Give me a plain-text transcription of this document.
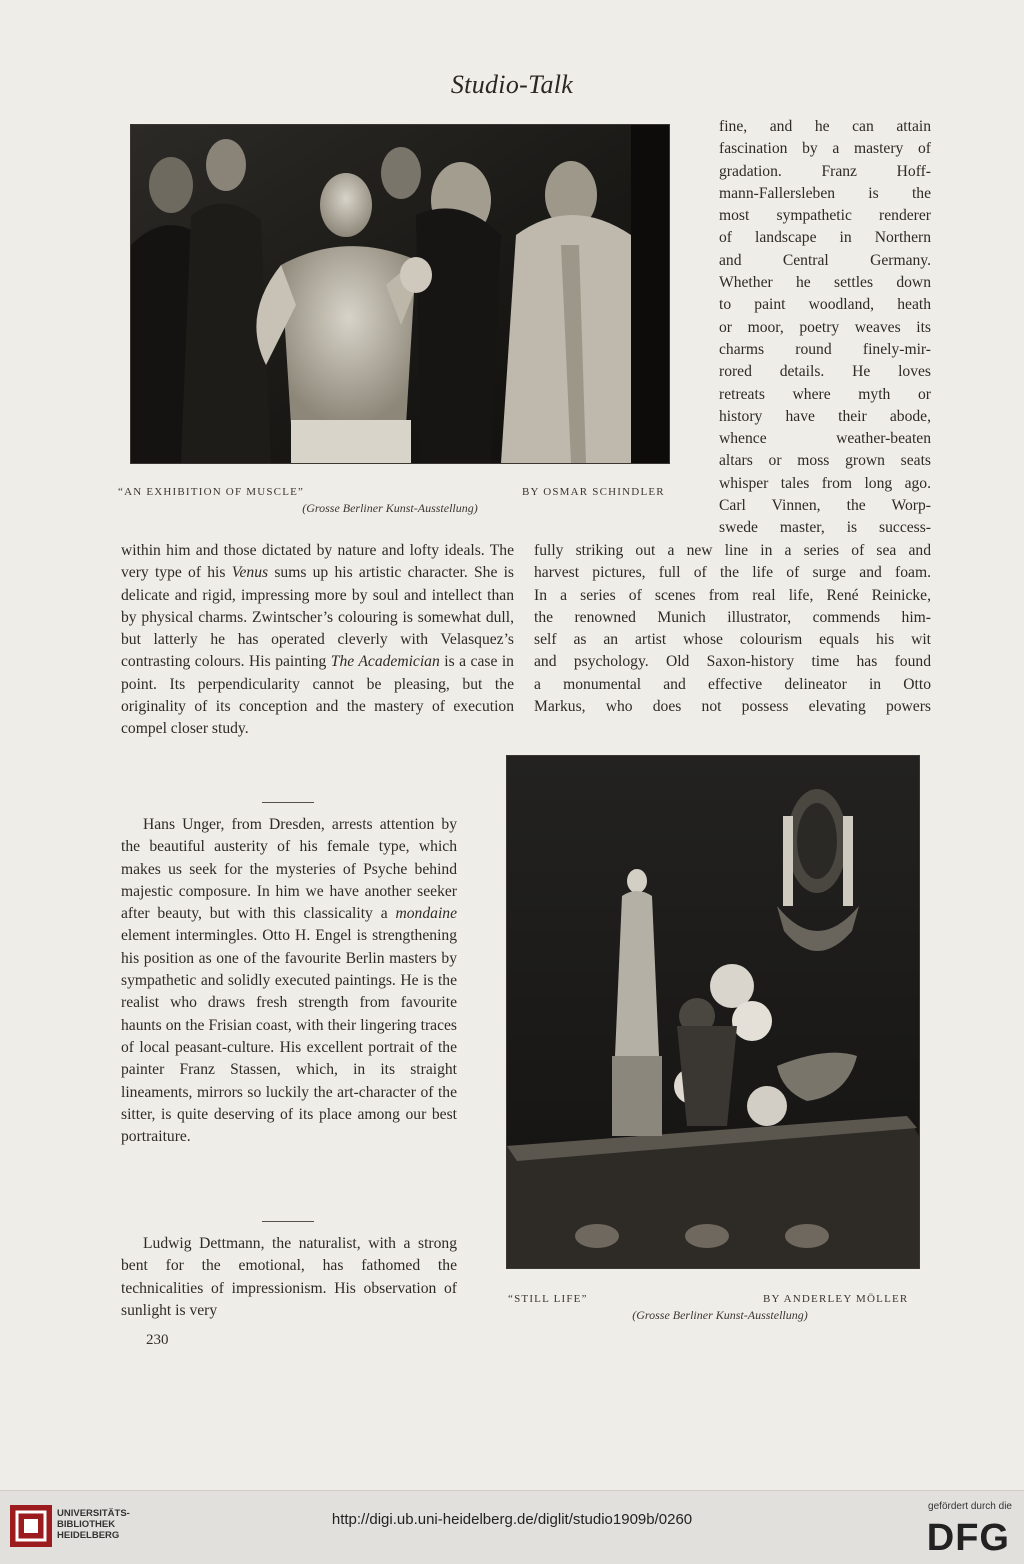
Studio-Talk
“AN EXHIBITION OF MUSCLE”	BY OSMAR SCHINDLER
(Grosse Berliner Kunst-Ausstellung)
fine, and he can attain
fascination by a mastery of
gradation. Franz Hoff-
mann-Fallersleben is the
most sympathetic renderer
of landscape in Northern
and Central Germany.
Whether he settles down
to paint woodland, heath
or moor, poetry weaves its
charms round finely-mir-
rored details. He loves
retreats where myth or
history have their abode,
whence weather-beaten
altars or moss grown seats
whisper tales from long ago.
Carl Vinnen, the Worp-
swede master, is success-
fully striking out a new line in a series of sea and
harvest pictures, full of the life of surge and foam.
In a series of scenes from real life, René Reinicke,
the renowned Munich illustrator, commends him-
self as an artist whose colourism equals his wit
and psychology. Old Saxon-history time has found
a monumental and effective delineator in Otto
Markus, who does not possess elevating powers

within him and those dictated by nature and lofty ideals. The very type of his Venus sums up his artistic character. She is delicate and rigid, impressing more by soul and intellect than by physical charms. Zwintscher’s colouring is somewhat dull, but latterly he has operated cleverly with Velasquez’s contrasting colours. His painting The Academician is a case in point. Its perpendicularity cannot be pleasing, but the originality of its conception and the mastery of execution compel closer study.

Hans Unger, from Dresden, arrests attention by the beautiful austerity of his female type, which makes us seek for the mysteries of Psyche behind majestic composure. In him we have another seeker after beauty, but with this classicality a mondaine element intermingles. Otto H. Engel is strengthening his position as one of the favourite Berlin masters by sympathetic and solidly executed paintings. He is the realist who draws fresh strength from favourite haunts on the Frisian coast, with their lingering traces of local peasant-culture. His excellent portrait of the painter Franz Stassen, which, in its straight lineaments, mirrors so luckily the art-character of the sitter, is quite deserving of its place among our best portraiture.

Ludwig Dettmann, the naturalist, with a strong bent for the emotional, has fathomed the technicalities of impressionism. His observation of sunlight is very

“STILL LIFE”	BY ANDERLEY MÖLLER
(Grosse Berliner Kunst-Ausstellung)
230
UNIVERSITÄTS-
BIBLIOTHEK
HEIDELBERG
http://digi.ub.uni-heidelberg.de/diglit/studio1909b/0260
gefördert durch die
DFG
